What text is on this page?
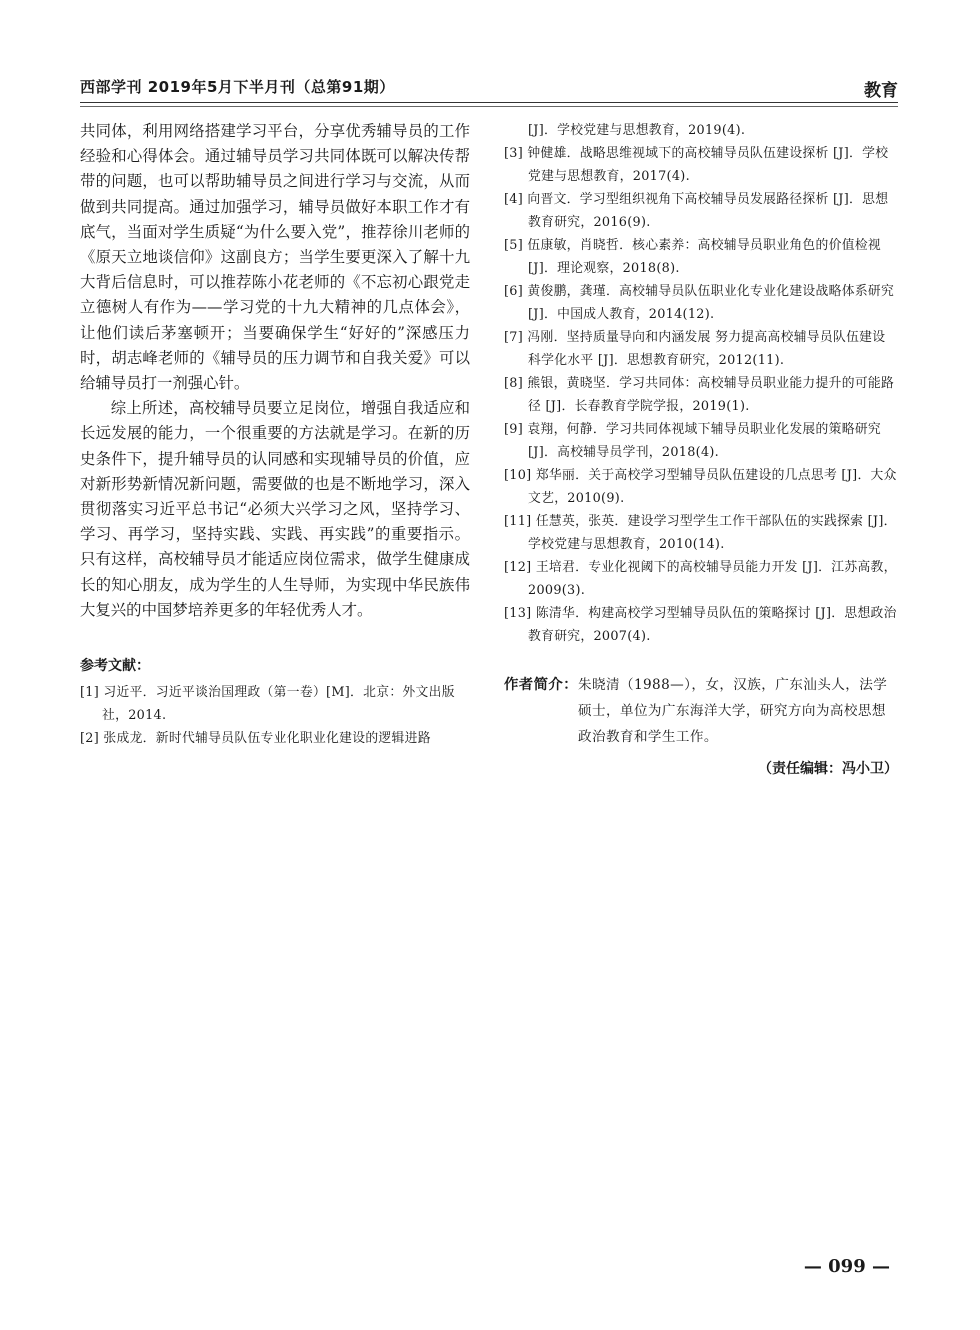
西部学刊 2019年5月下半月刊（总第91期）	教育

共同体，利用网络搭建学习平台，分享优秀辅导员的工作经验和心得体会。通过辅导员学习共同体既可以解决传帮带的问题，也可以帮助辅导员之间进行学习与交流，从而做到共同提高。通过加强学习，辅导员做好本职工作才有底气，当面对学生质疑“为什么要入党”，推荐徐川老师的《原天立地谈信仰》这副良方；当学生要更深入了解十九大背后信息时，可以推荐陈小花老师的《不忘初心跟党走 立德树人有作为——学习党的十九大精神的几点体会》，让他们读后茅塞顿开；当要确保学生“好好的”深感压力时，胡志峰老师的《辅导员的压力调节和自我关爱》可以给辅导员打一剂强心针。

综上所述，高校辅导员要立足岗位，增强自我适应和长远发展的能力，一个很重要的方法就是学习。在新的历史条件下，提升辅导员的认同感和实现辅导员的价值，应对新形势新情况新问题，需要做的也是不断地学习，深入贯彻落实习近平总书记“必须大兴学习之风，坚持学习、学习、再学习，坚持实践、实践、再实践”的重要指示。只有这样，高校辅导员才能适应岗位需求，做学生健康成长的知心朋友，成为学生的人生导师，为实现中华民族伟大复兴的中国梦培养更多的年轻优秀人才。

参考文献：

[1] 习近平．习近平谈治国理政（第一卷）[M]．北京：外文出版社，2014.

[2] 张成龙．新时代辅导员队伍专业化职业化建设的逻辑进路

[J]．学校党建与思想教育，2019(4).

[3] 钟健雄．战略思维视域下的高校辅导员队伍建设探析 [J]．学校党建与思想教育，2017(4).

[4] 向晋文．学习型组织视角下高校辅导员发展路径探析 [J]．思想教育研究，2016(9).

[5] 伍康敏，肖晓哲．核心素养：高校辅导员职业角色的价值检视 [J]．理论观察，2018(8).

[6] 黄俊鹏，龚瑾．高校辅导员队伍职业化专业化建设战略体系研究 [J]．中国成人教育，2014(12).

[7] 冯刚．坚持质量导向和内涵发展 努力提高高校辅导员队伍建设科学化水平 [J]．思想教育研究，2012(11).

[8] 熊银，黄晓坚．学习共同体：高校辅导员职业能力提升的可能路径 [J]．长春教育学院学报，2019(1).

[9] 袁翔，何静．学习共同体视域下辅导员职业化发展的策略研究 [J]．高校辅导员学刊，2018(4).

[10] 郑华丽．关于高校学习型辅导员队伍建设的几点思考 [J]．大众文艺，2010(9).

[11] 任慧英，张英．建设学习型学生工作干部队伍的实践探索 [J]．学校党建与思想教育，2010(14).

[12] 王培君．专业化视阈下的高校辅导员能力开发 [J]．江苏高教，2009(3).

[13] 陈清华．构建高校学习型辅导员队伍的策略探讨 [J]．思想政治教育研究，2007(4).

作者简介： 朱晓清（1988—），女，汉族，广东汕头人，法学硕士，单位为广东海洋大学，研究方向为高校思想政治教育和学生工作。
（责任编辑：冯小卫）
— 099 —
